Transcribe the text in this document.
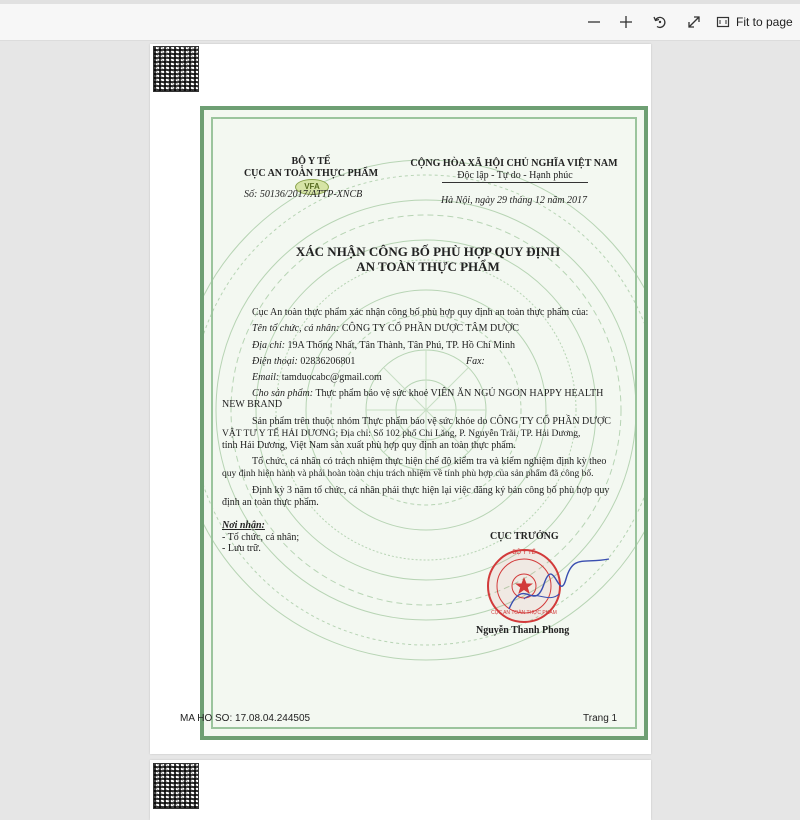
Fit to page
BỘ Y TẾ
CỤC AN TOÀN THỰC PHẨM
VFA
Số: 50136/2017/ATTP-XNCB
CỘNG HÒA XÃ HỘI CHỦ NGHĨA VIỆT NAM
Độc lập - Tự do - Hạnh phúc
Hà Nội, ngày 29 tháng 12 năm 2017
XÁC NHẬN CÔNG BỐ PHÙ HỢP QUY ĐỊNH
AN TOÀN THỰC PHẨM
Cục An toàn thực phẩm xác nhận công bố phù hợp quy định an toàn thực phẩm của:
Tên tổ chức, cá nhân: CÔNG TY CỔ PHẦN DƯỢC TÂM DƯỢC
Địa chỉ: 19A Thống Nhất, Tân Thành, Tân Phú, TP. Hồ Chí Minh
Điện thoại: 02836206801	Fax:
Email: tamduocabc@gmail.com
Cho sản phẩm: Thực phẩm bảo vệ sức khoẻ VIÊN ĂN NGỦ NGON HAPPY HEALTH
NEW BRAND
Sản phẩm trên thuộc nhóm Thực phẩm bảo vệ sức khỏe do CÔNG TY CỔ PHẦN DƯỢC
VẬT TƯ Y TẾ HẢI DƯƠNG; Địa chỉ: Số 102 phố Chi Lăng, P. Nguyễn Trãi, TP. Hải Dương,
tỉnh Hải Dương, Việt Nam sản xuất phù hợp quy định an toàn thực phẩm.
Tổ chức, cá nhân có trách nhiệm thực hiện chế độ kiểm tra và kiểm nghiệm định kỳ theo
quy định hiện hành và phải hoàn toàn chịu trách nhiệm về tính phù hợp của sản phẩm đã công bố.
Định kỳ 3 năm tổ chức, cá nhân phải thực hiện lại việc đăng ký bản công bố phù hợp quy
định an toàn thực phẩm.
Nơi nhận:
- Tổ chức, cá nhân;
- Lưu trữ.
CỤC TRƯỞNG
BỘ Y TẾ
CỤC AN TOÀN THỰC PHẨM
Nguyễn Thanh Phong
MA HO SO: 17.08.04.244505	Trang 1
